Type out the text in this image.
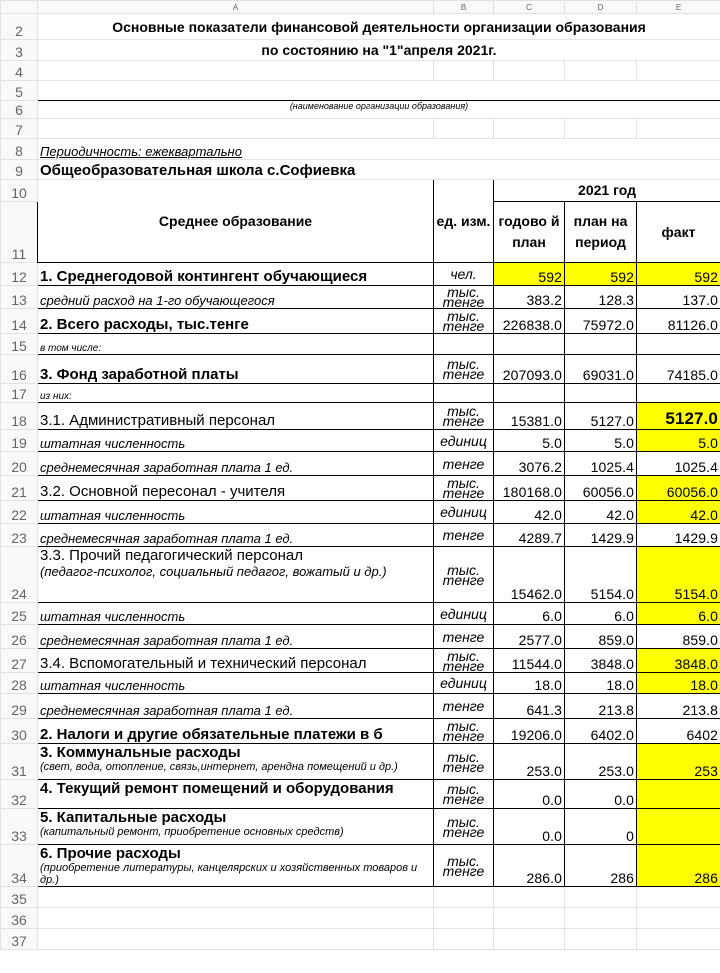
	A	B	C	D	E
2	Основные показатели финансовой деятельности организации образования				
3	по состоянию на "1"апреля 2021г.				
4					
5					
6	(наименование организации образования)				
7					
8	Периодичность: ежеквартально				
9	Общеобразовательная школа с.Софиевка				
10	Среднее образование	ед. изм.	2021 год		
11			годово й план	план на период	факт
12	1. Среднегодовой контингент обучающиеся	чел.	592	592	592
13	средний расход на 1-го обучающегося	тыс. тенге	383.2	128.3	137.0
14	2. Всего расходы, тыс.тенге	тыс. тенге	226838.0	75972.0	81126.0
15	в том числе:				
16	3. Фонд заработной платы	тыс. тенге	207093.0	69031.0	74185.0
17	из них:				
18	3.1. Административный персонал	тыс. тенге	15381.0	5127.0	5127.0
19	штатная численность	единиц	5.0	5.0	5.0
20	среднемесячная заработная плата 1 ед.	тенге	3076.2	1025.4	1025.4
21	3.2. Основной пересонал - учителя	тыс. тенге	180168.0	60056.0	60056.0
22	штатная численность	единиц	42.0	42.0	42.0
23	среднемесячная заработная плата 1 ед.	тенге	4289.7	1429.9	1429.9
24	3.3. Прочий педагогический персонал
(педагог-психолог, социальный педагог, вожатый и др.)	тыс. тенге	15462.0	5154.0	5154.0
25	штатная численность	единиц	6.0	6.0	6.0
26	среднемесячная заработная плата 1 ед.	тенге	2577.0	859.0	859.0
27	3.4. Вспомогательный и технический персонал	тыс. тенге	11544.0	3848.0	3848.0
28	штатная численность	единиц	18.0	18.0	18.0
29	среднемесячная заработная плата 1 ед.	тенге	641.3	213.8	213.8
30	2. Налоги и другие обязательные платежи в б	тыс. тенге	19206.0	6402.0	6402
31	3. Коммунальные расходы
(свет, вода, отопление, связь,интернет, арендна помещений и др.)	тыс. тенге	253.0	253.0	253
32	4. Текущий ремонт помещений и оборудования	тыс. тенге	0.0	0.0	
33	5. Капитальные расходы
(капитальный ремонт, приобретение основных средств)	тыс. тенге	0.0	0	
34	6. Прочие расходы
(приобретение литературы, канцелярских и хозяйственных товаров и др.)	тыс. тенге	286.0	286	286
35					
36					
37					
